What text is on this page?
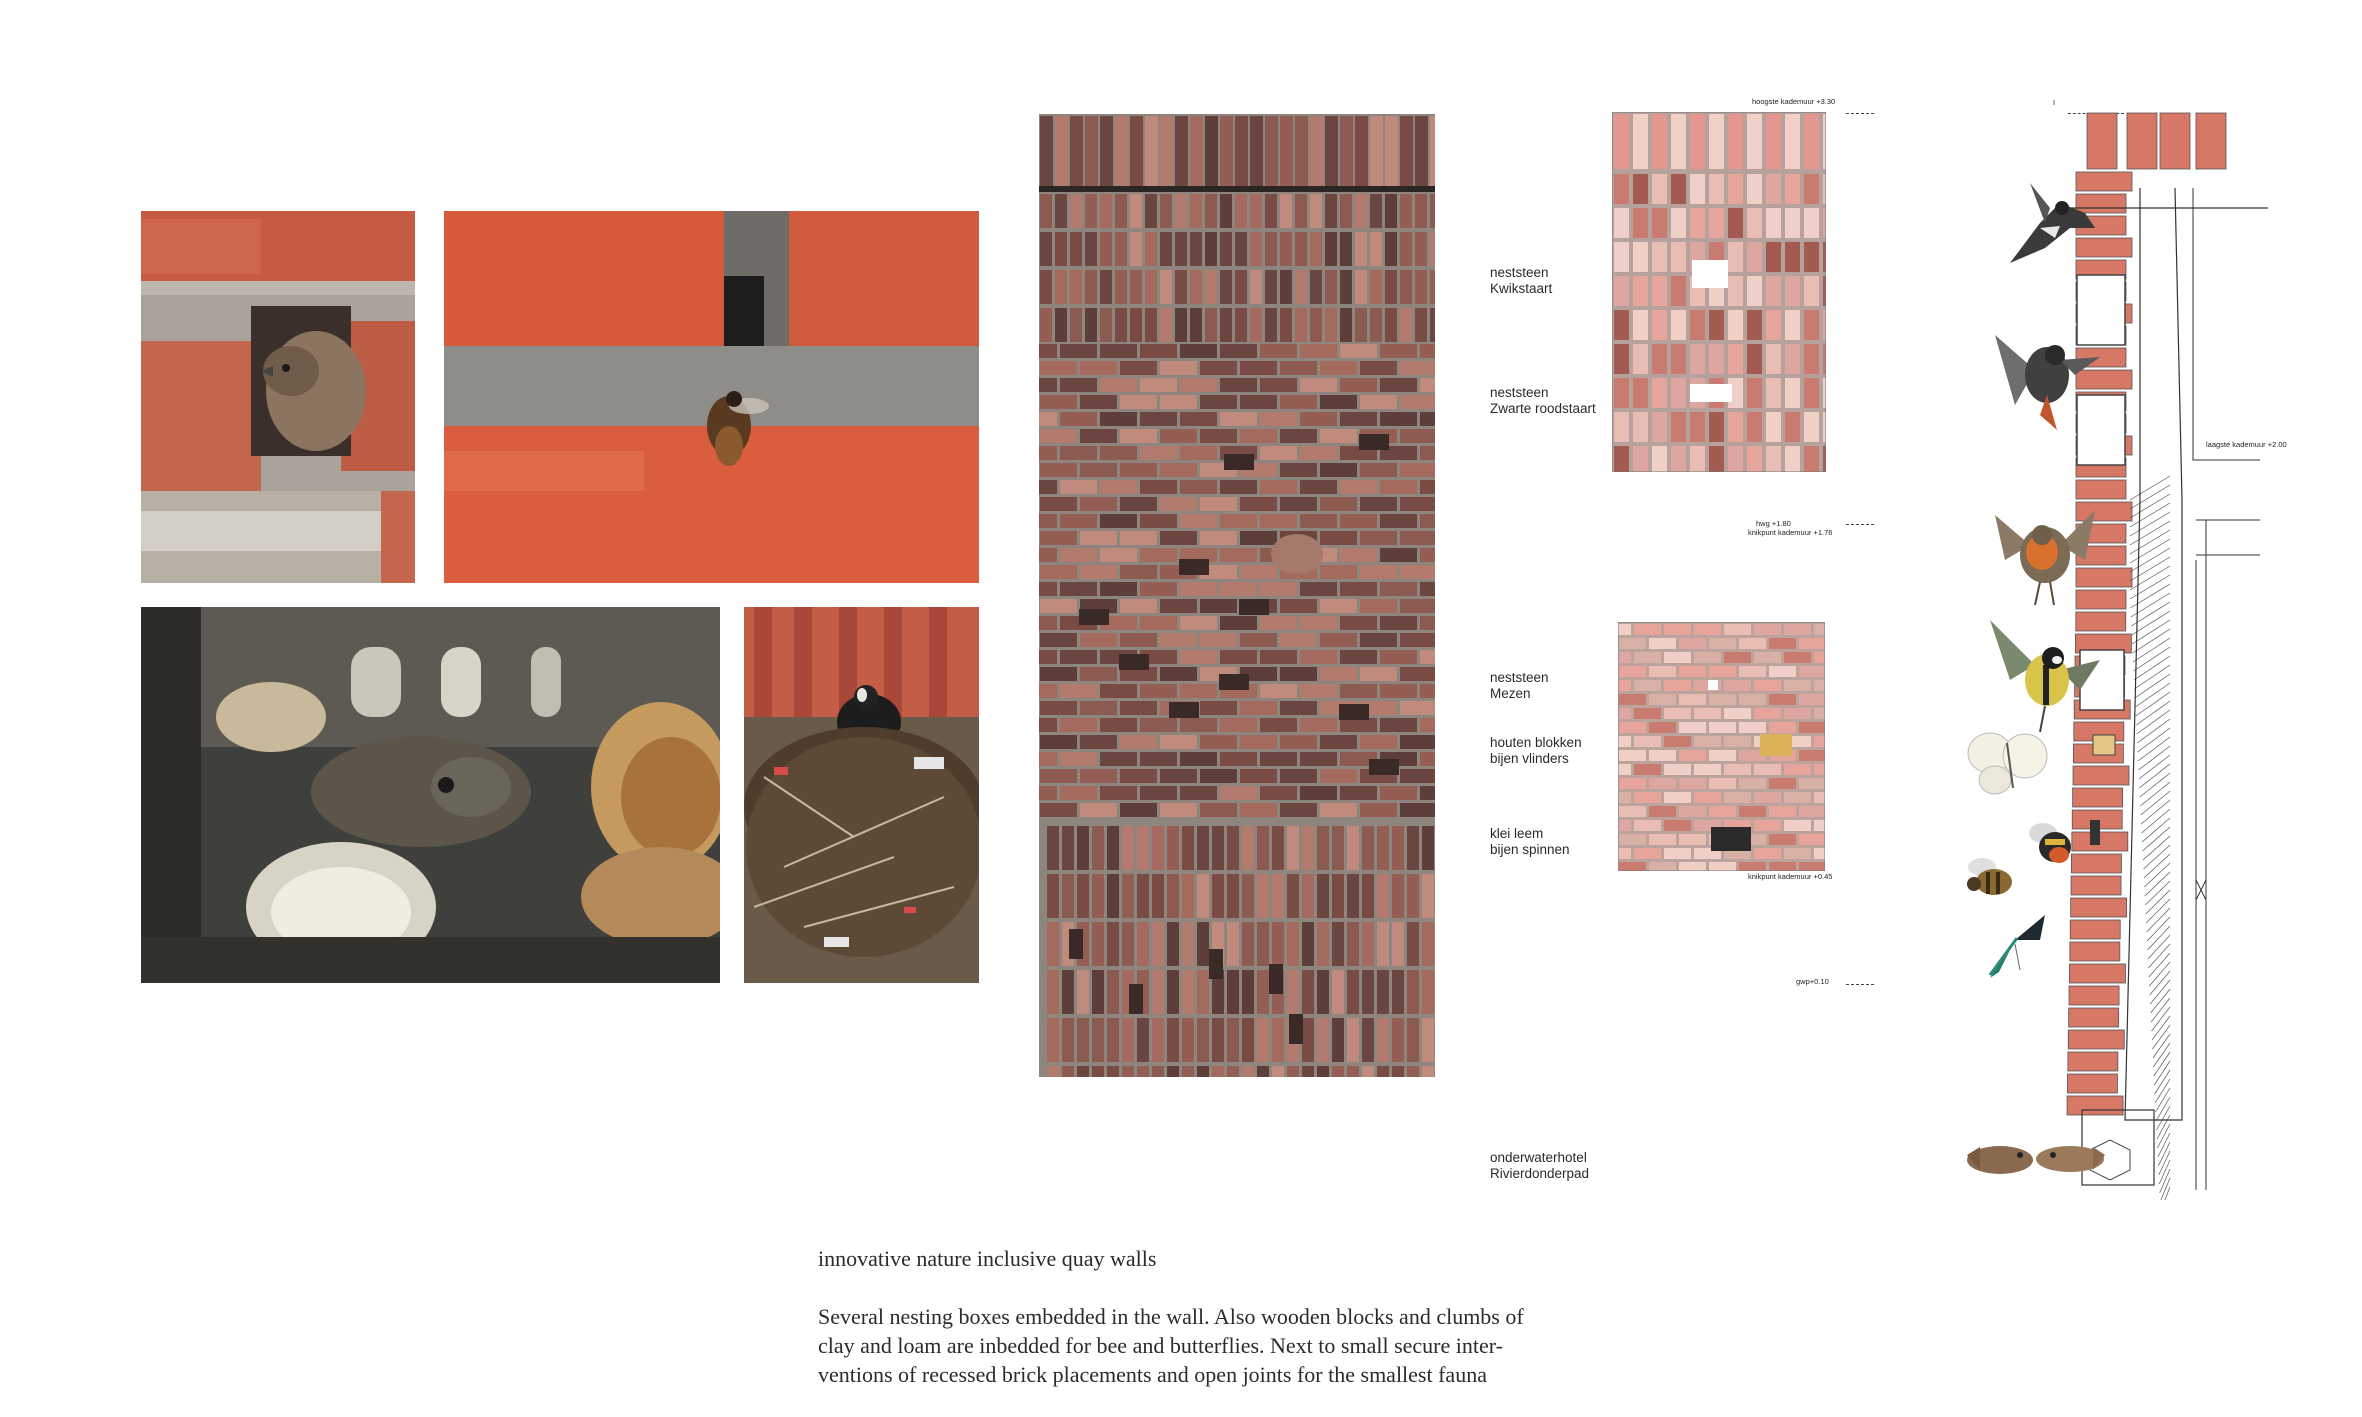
neststeen
Kwikstaart
neststeen
Zwarte roodstaart
neststeen
Mezen
houten blokken
bijen vlinders
klei leem
bijen spinnen
onderwaterhotel
Rivierdonderpad
hoogste kademuur +3.30
hwg +1.80
knikpunt kademuur +1.76
knikpunt kademuur +0.45
gwp+0.10
I
laagste kademuur +2.00
innovative nature inclusive quay walls
Several nesting boxes embedded in the wall. Also wooden blocks and clumbs of
clay and loam are inbedded for bee and butterflies. Next to small secure inter-
ventions of recessed brick placements and open joints for the smallest fauna
